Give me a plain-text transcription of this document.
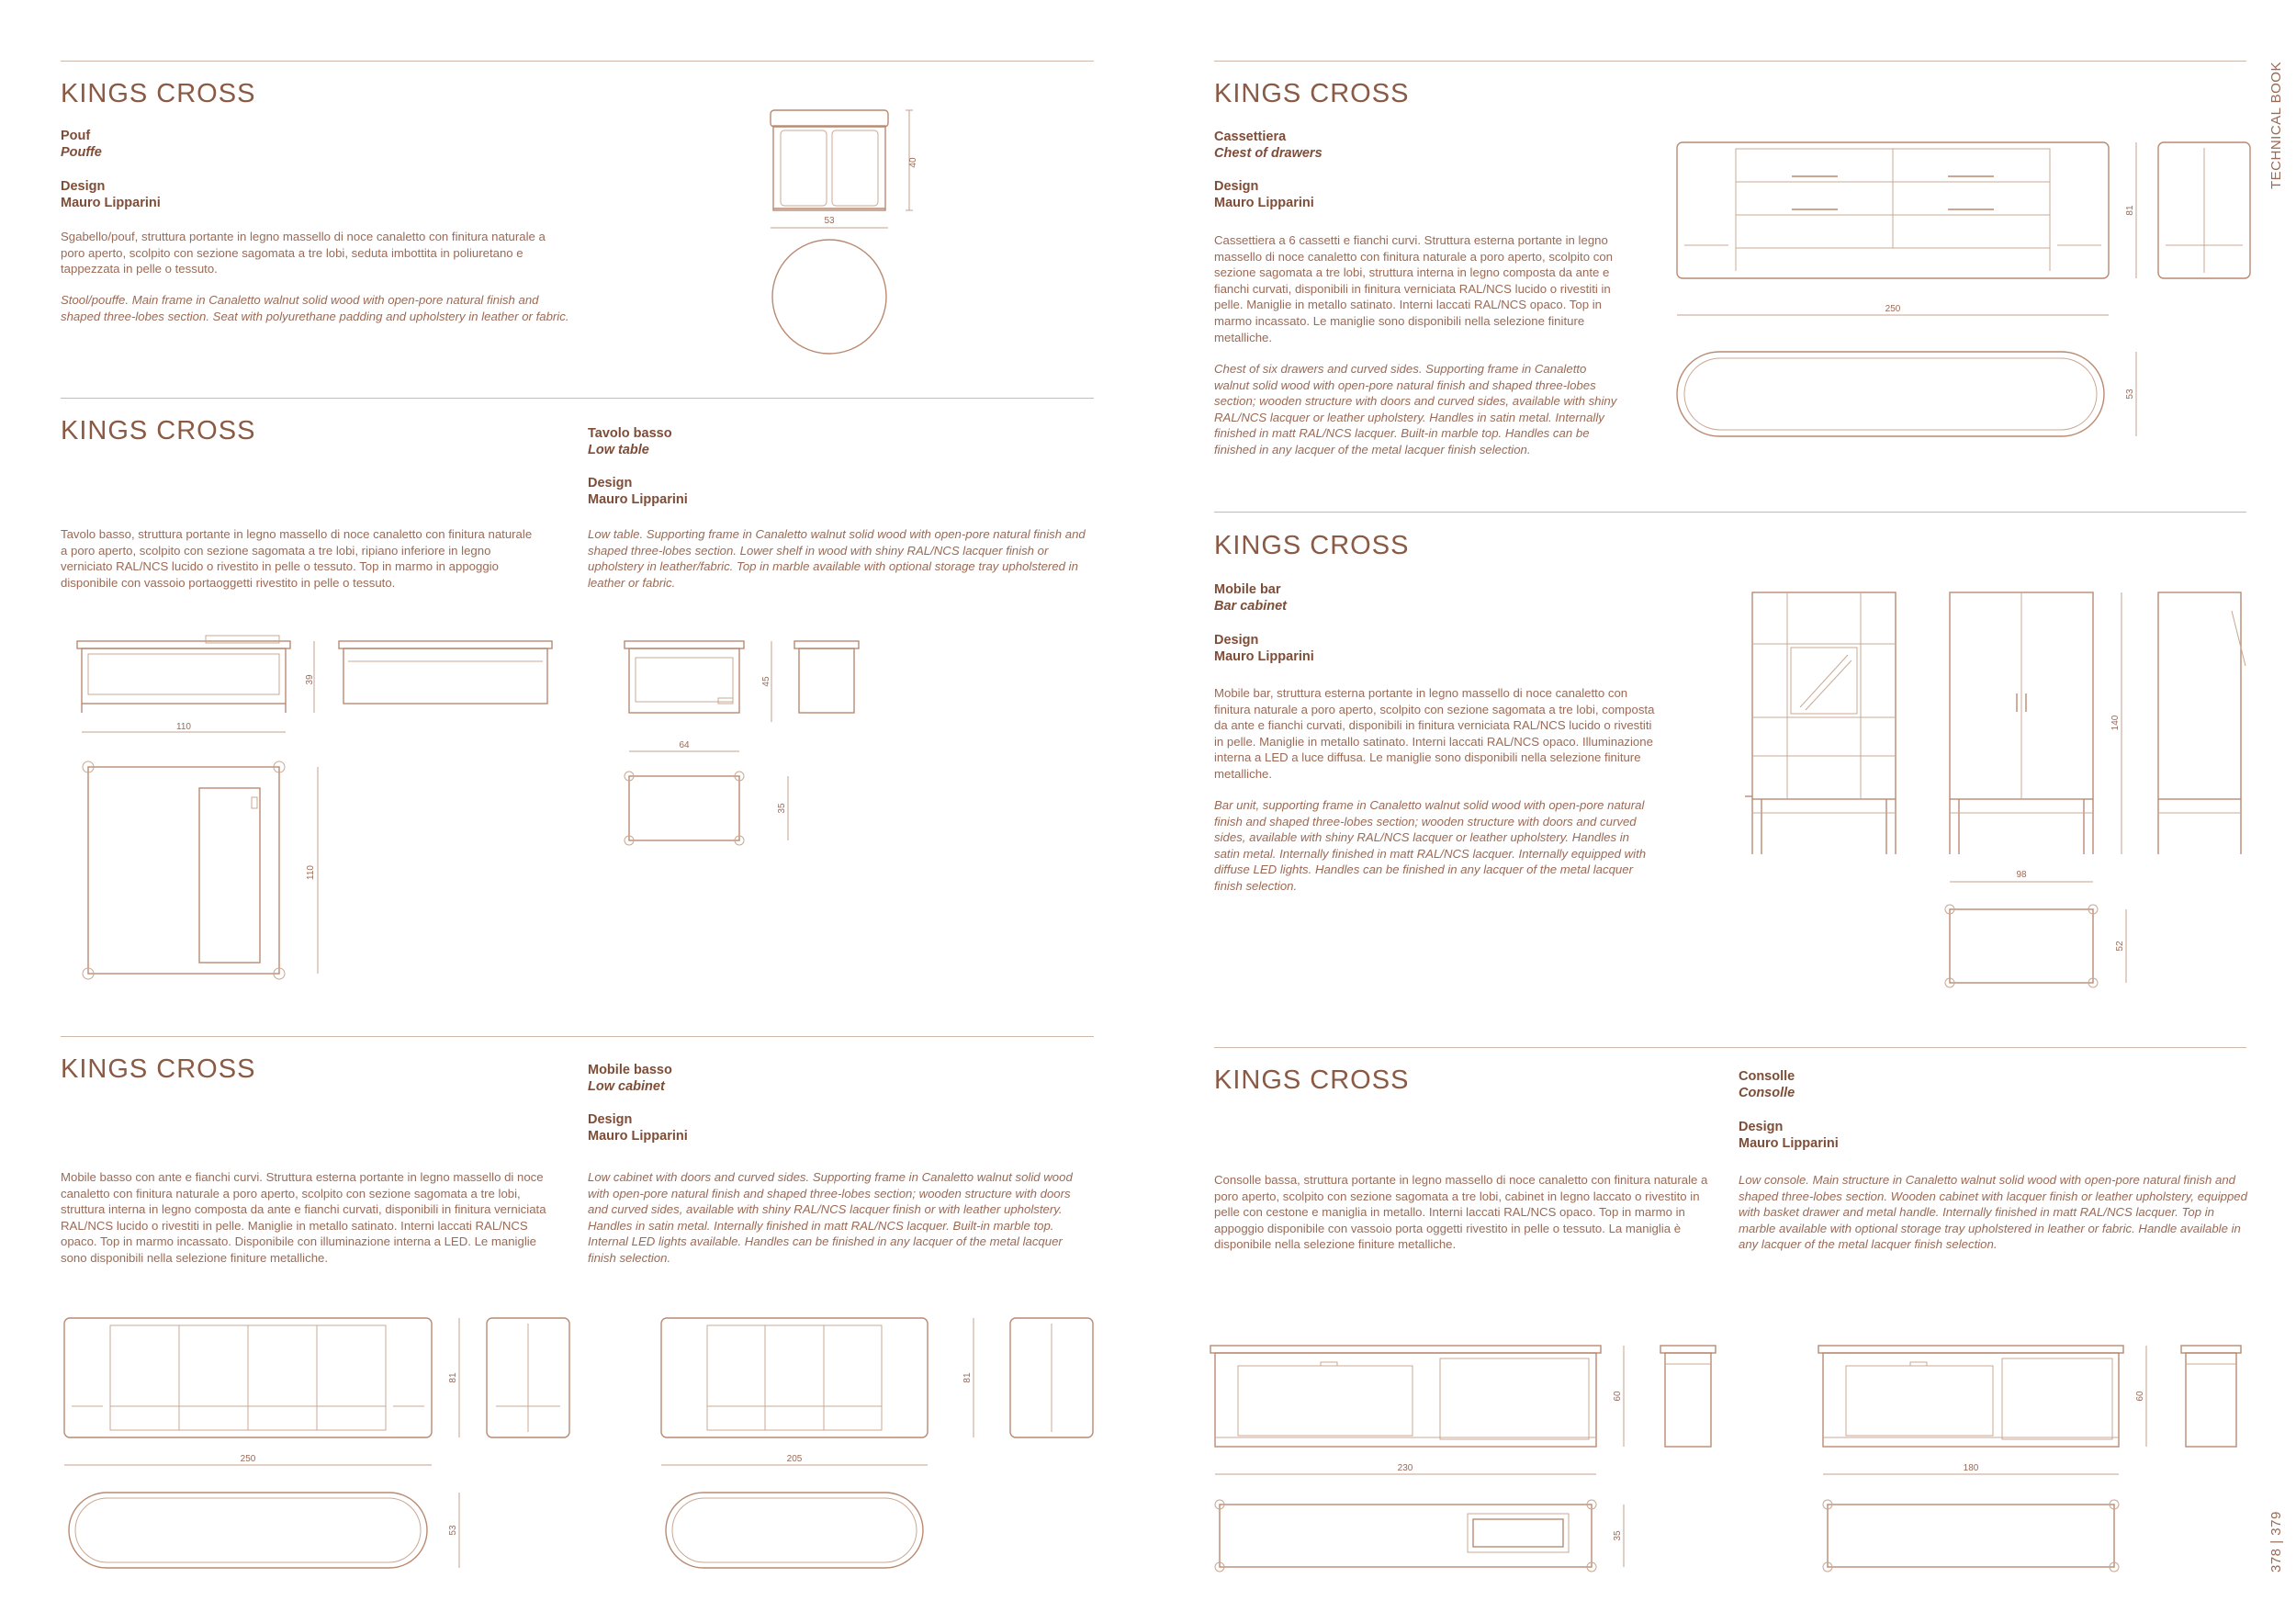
TECHNICAL BOOK
378 | 379
KINGS CROSS
Pouf
Pouffe
Design
Mauro Lipparini
Sgabello/pouf, struttura portante in legno massello di noce canaletto con finitura naturale a poro aperto, scolpito con sezione sagomata a tre lobi, seduta imbottita in poliuretano e tappezzata in pelle o tessuto.
Stool/pouffe. Main frame in Canaletto walnut solid wood with open-pore natural finish and shaped three-lobes section. Seat with polyurethane padding and upholstery in leather or fabric.
40
53
KINGS CROSS	Tavolo basso
Low table
Design
Mauro Lipparini
Tavolo basso, struttura portante in legno massello di noce canaletto con finitura naturale a poro aperto, scolpito con sezione sagomata a tre lobi, ripiano inferiore in legno verniciato RAL/NCS lucido o rivestito in pelle o tessuto. Top in marmo in appoggio disponibile con vassoio portaoggetti rivestito in pelle o tessuto.
Low table. Supporting frame in Canaletto walnut solid wood with open-pore natural finish and shaped three-lobes section. Lower shelf in wood with shiny RAL/NCS lacquer finish or upholstery in leather/fabric. Top in marble available with optional storage tray upholstered in leather or fabric.
39
110
110
45
64
35
KINGS CROSS	Mobile basso
Low cabinet
Design
Mauro Lipparini
Mobile basso con ante e fianchi curvi. Struttura esterna portante in legno massello di noce canaletto con finitura naturale a poro aperto, scolpito con sezione sagomata a tre lobi, struttura interna in legno composta da ante e fianchi curvati, disponibili in finitura verniciata RAL/NCS lucido o rivestiti in pelle. Maniglie in metallo satinato. Interni laccati RAL/NCS opaco. Top in marmo incassato. Disponibile con illuminazione interna a LED. Le maniglie sono disponibili nella selezione finiture metalliche.
Low cabinet with doors and curved sides. Supporting frame in Canaletto walnut solid wood with open-pore natural finish and shaped three-lobes section; wooden structure with doors and curved sides, available with shiny RAL/NCS lacquer finish or with leather upholstery. Handles in satin metal. Internally finished in matt RAL/NCS lacquer. Built-in marble top. Internal LED lights available. Handles can be finished in any lacquer of the metal lacquer finish selection.
81
250
53
81
205
KINGS CROSS
Cassettiera
Chest of drawers
Design
Mauro Lipparini
Cassettiera a 6 cassetti e fianchi curvi. Struttura esterna portante in legno massello di noce canaletto con finitura naturale a poro aperto, scolpito con sezione sagomata a tre lobi, struttura interna in legno composta da ante e fianchi curvati, disponibili in finitura verniciata RAL/NCS lucido o rivestiti in pelle. Maniglie in metallo satinato. Interni laccati RAL/NCS opaco. Top in marmo incassato. Le maniglie sono disponibili nella selezione finiture metalliche.
Chest of six drawers and curved sides. Supporting frame in Canaletto walnut solid wood with open-pore natural finish and shaped three-lobes section; wooden structure with doors and curved sides, available with shiny RAL/NCS lacquer or leather upholstery. Handles in satin metal. Internally finished in matt RAL/NCS lacquer. Built-in marble top. Handles can be finished in any lacquer of the metal lacquer finish selection.
250
81
53
KINGS CROSS
Mobile bar
Bar cabinet
Design
Mauro Lipparini
Mobile bar, struttura esterna portante in legno massello di noce canaletto con finitura naturale a poro aperto, scolpito con sezione sagomata a tre lobi, composta da ante e fianchi curvati, disponibili in finitura verniciata RAL/NCS lucido o rivestiti in pelle. Maniglie in metallo satinato. Interni laccati RAL/NCS opaco. Illuminazione interna a LED a luce diffusa. Le maniglie sono disponibili nella selezione finiture metalliche.
Bar unit, supporting frame in Canaletto walnut solid wood with open-pore natural finish and shaped three-lobes section; wooden structure with doors and curved sides, available with shiny RAL/NCS lacquer or leather upholstery. Handles in satin metal. Internally finished in matt RAL/NCS lacquer. Internally equipped with diffuse LED lights. Handles can be finished in any lacquer of the metal lacquer finish selection.
140
98
52
KINGS CROSS	Consolle
Consolle
Design
Mauro Lipparini
Consolle bassa, struttura portante in legno massello di noce canaletto con finitura naturale a poro aperto, scolpito con sezione sagomata a tre lobi, cabinet in legno laccato o rivestito in pelle con cestone e maniglia in metallo. Interni laccati RAL/NCS opaco. Top in marmo in appoggio disponibile con vassoio porta oggetti rivestito in pelle o tessuto. La maniglia è disponibile nella selezione finiture metalliche.
Low console. Main structure in Canaletto walnut solid wood with open-pore natural finish and shaped three-lobes section. Wooden cabinet with lacquer finish or leather upholstery, equipped with basket drawer and metal handle. Internally finished in matt RAL/NCS lacquer. Top in marble available with optional storage tray upholstered in leather or fabric. Handle available in any lacquer of the metal lacquer finish selection.
60
230
35
60
180
